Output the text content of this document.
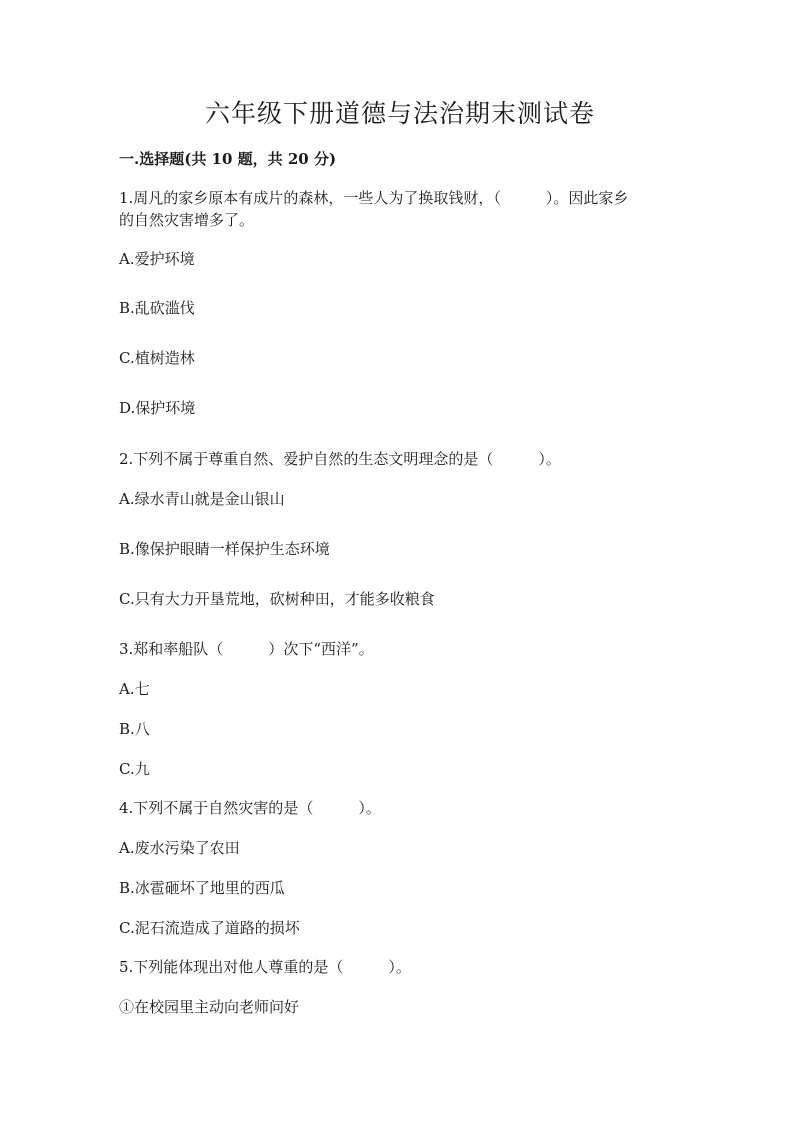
六年级下册道德与法治期末测试卷
一.选择题(共 10 题，共 20 分)
1.周凡的家乡原本有成片的森林，一些人为了换取钱财，（　　　）。因此家乡
的自然灾害增多了。
A.爱护环境
B.乱砍滥伐
C.植树造林
D.保护环境
2.下列不属于尊重自然、爱护自然的生态文明理念的是（　　　）。
A.绿水青山就是金山银山
B.像保护眼睛一样保护生态环境
C.只有大力开垦荒地，砍树种田，才能多收粮食
3.郑和率船队（　　　）次下“西洋”。
A.七
B.八
C.九
4.下列不属于自然灾害的是（　　　）。
A.废水污染了农田
B.冰雹砸坏了地里的西瓜
C.泥石流造成了道路的损坏
5.下列能体现出对他人尊重的是（　　　）。
①在校园里主动向老师问好
